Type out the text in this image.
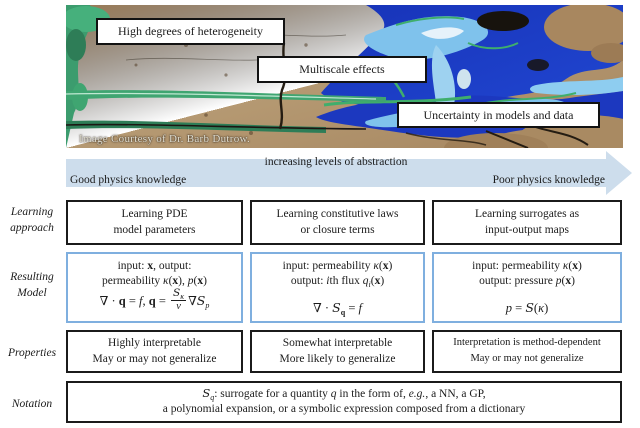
High degrees of heterogeneity
Multiscale effects
Uncertainty in models and data
Image Courtesy of Dr. Barb Dutrow.
increasing levels of abstraction
Good physics knowledge	Poor physics knowledge
Learning
approach
Resulting
Model
Properties
Notation
Learning PDE
model parameters
Learning constitutive laws
or closure terms
Learning surrogates as
input-output maps
input: x, output:
permeability κ(x), p(x)
∇ · q = f, $q = \frac{S_\kappa}{\nu} \nabla S_p$
input: permeability κ(x)
output: ith flux $q_i(x)$
∇ · $S_q = f$
input: permeability κ(x)
output: pressure p(x)
p = S(κ)
Highly interpretable
May or may not generalize
Somewhat interpretable
More likely to generalize
Interpretation is method-dependent
May or may not generalize
$S_q$: surrogate for a quantity q in the form of, e.g., a NN, a GP,
a polynomial expansion, or a symbolic expression composed from a dictionary
